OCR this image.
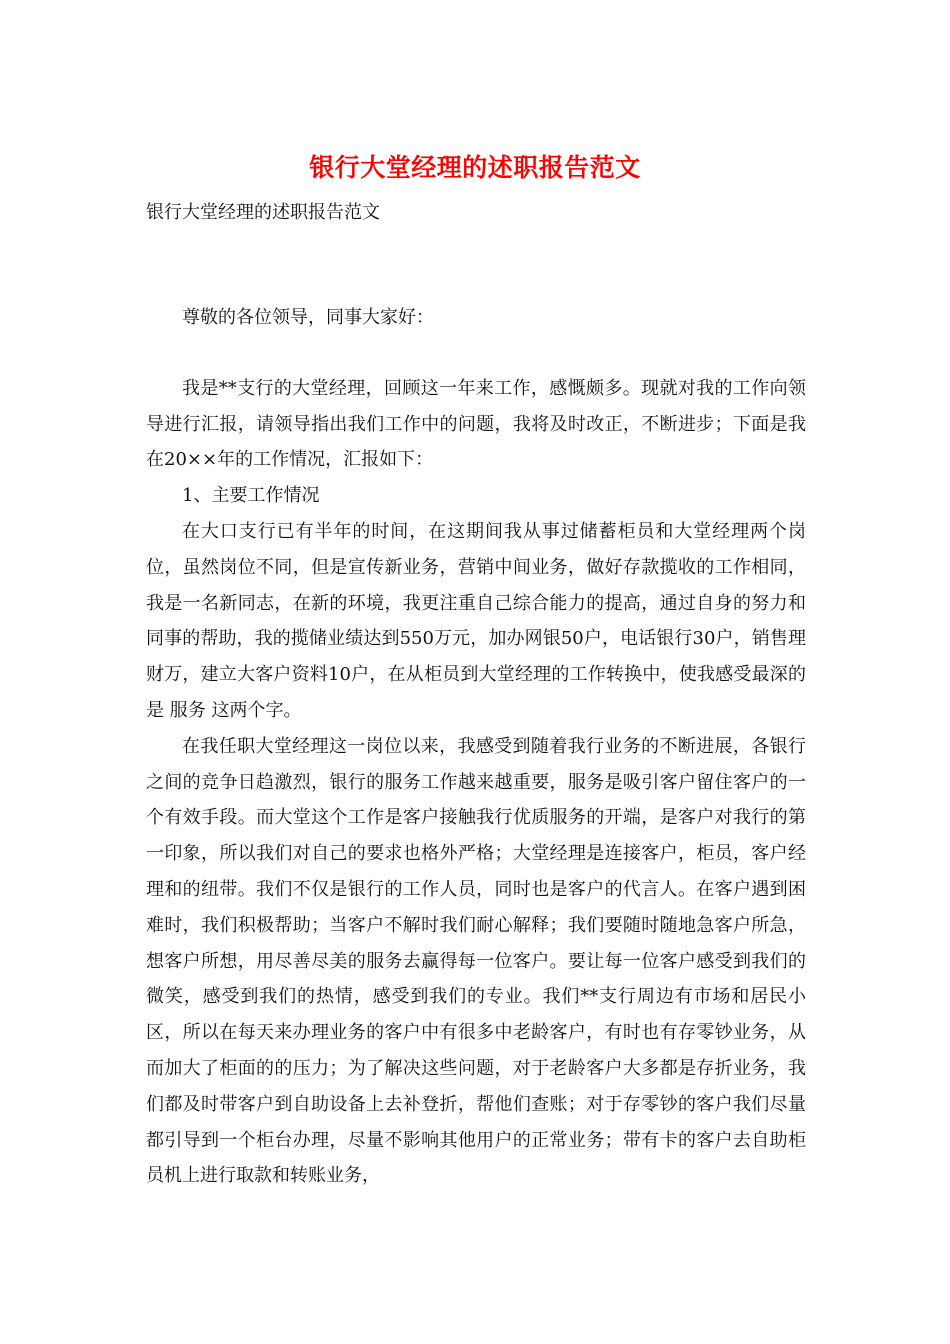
银行大堂经理的述职报告范文
银行大堂经理的述职报告范文

尊敬的各位领导，同事大家好：

我是**支行的大堂经理，回顾这一年来工作，感慨颇多。现就对我的工作向领导进行汇报，请领导指出我们工作中的问题，我将及时改正，不断进步；下面是我在20××年的工作情况，汇报如下：

1、主要工作情况

在大口支行已有半年的时间，在这期间我从事过储蓄柜员和大堂经理两个岗位，虽然岗位不同，但是宣传新业务，营销中间业务，做好存款揽收的工作相同，我是一名新同志，在新的环境，我更注重自己综合能力的提高，通过自身的努力和同事的帮助，我的揽储业绩达到550万元，加办网银50户，电话银行30户，销售理财万，建立大客户资料10户，在从柜员到大堂经理的工作转换中，使我感受最深的是 服务 这两个字。

在我任职大堂经理这一岗位以来，我感受到随着我行业务的不断进展，各银行之间的竞争日趋激烈，银行的服务工作越来越重要，服务是吸引客户留住客户的一个有效手段。而大堂这个工作是客户接触我行优质服务的开端，是客户对我行的第一印象，所以我们对自己的要求也格外严格；大堂经理是连接客户，柜员，客户经理和的纽带。我们不仅是银行的工作人员，同时也是客户的代言人。在客户遇到困难时，我们积极帮助；当客户不解时我们耐心解释；我们要随时随地急客户所急，想客户所想，用尽善尽美的服务去赢得每一位客户。要让每一位客户感受到我们的微笑，感受到我们的热情，感受到我们的专业。我们**支行周边有市场和居民小区，所以在每天来办理业务的客户中有很多中老龄客户，有时也有存零钞业务，从而加大了柜面的的压力；为了解决这些问题，对于老龄客户大多都是存折业务，我们都及时带客户到自助设备上去补登折，帮他们查账；对于存零钞的客户我们尽量都引导到一个柜台办理，尽量不影响其他用户的正常业务；带有卡的客户去自助柜员机上进行取款和转账业务，
